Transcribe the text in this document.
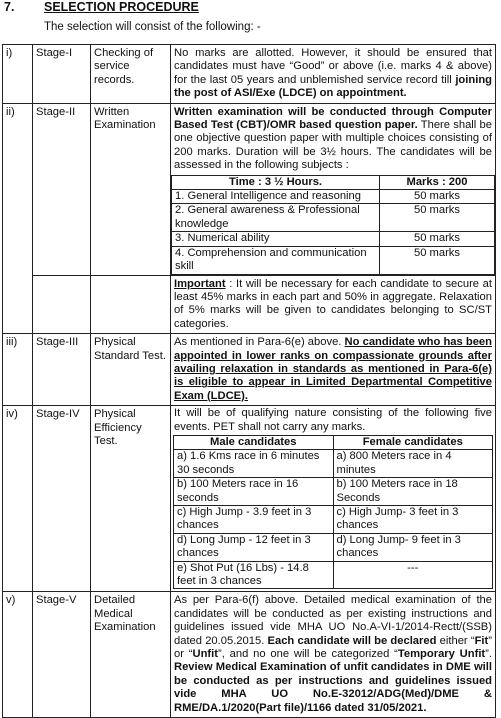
7. SELECTION PROCEDURE
The selection will consist of the following: -
i)	Stage-I	Checking of service records.	No marks are allotted. However, it should be ensured that candidates must have “Good” or above (i.e. marks 4 & above) for the last 05 years and unblemished service record till joining the post of ASI/Exe (LDCE) on appointment.
ii)	Stage-II	Written Examination	Written examination will be conducted through Computer Based Test (CBT)/OMR based question paper. There shall be one objective question paper with multiple choices consisting of 200 marks. Duration will be 3½ hours. The candidates will be assessed in the following subjects :

Time : 3 ½ Hours.	Marks : 200
1. General Intelligence and reasoning	50 marks
2. General awareness & Professional knowledge	50 marks
3. Numerical ability	50 marks
4. Comprehension and communication skill	50 marks

		Important : It will be necessary for each candidate to secure at least 45% marks in each part and 50% in aggregate. Relaxation of 5% marks will be given to candidates belonging to SC/ST categories.
iii)	Stage-III	Physical Standard Test.	As mentioned in Para-6(e) above. No candidate who has been appointed in lower ranks on compassionate grounds after availing relaxation in standards as mentioned in Para-6(e) is eligible to appear in Limited Departmental Competitive Exam (LDCE).
iv)	Stage-IV	Physical Efficiency Test.	
It will be of qualifying nature consisting of the following five events. PET shall not carry any marks.
Male candidates	Female candidates
a) 1.6 Kms race in 6 minutes 30 seconds	a) 800 Meters race in 4 minutes
b) 100 Meters race in 16 seconds	b) 100 Meters race in 18 Seconds
c) High Jump - 3.9 feet in 3 chances	c) High Jump- 3 feet in 3 chances
d) Long Jump - 12 feet in 3 chances	d) Long Jump- 9 feet in 3 chances
e) Shot Put (16 Lbs) - 14.8 feet in 3 chances	---

v)	Stage-V	Detailed Medical Examination	As per Para-6(f) above. Detailed medical examination of the candidates will be conducted as per existing instructions and guidelines issued vide MHA UO No.A-VI-1/2014-Rectt/(SSB) dated 20.05.2015. Each candidate will be declared either “Fit” or “Unfit”, and no one will be categorized “Temporary Unfit”. Review Medical Examination of unfit candidates in DME will be conducted as per instructions and guidelines issued vide MHA UO No.E-32012/ADG(Med)/DME & RME/DA.1/2020(Part file)/1166 dated 31/05/2021.
